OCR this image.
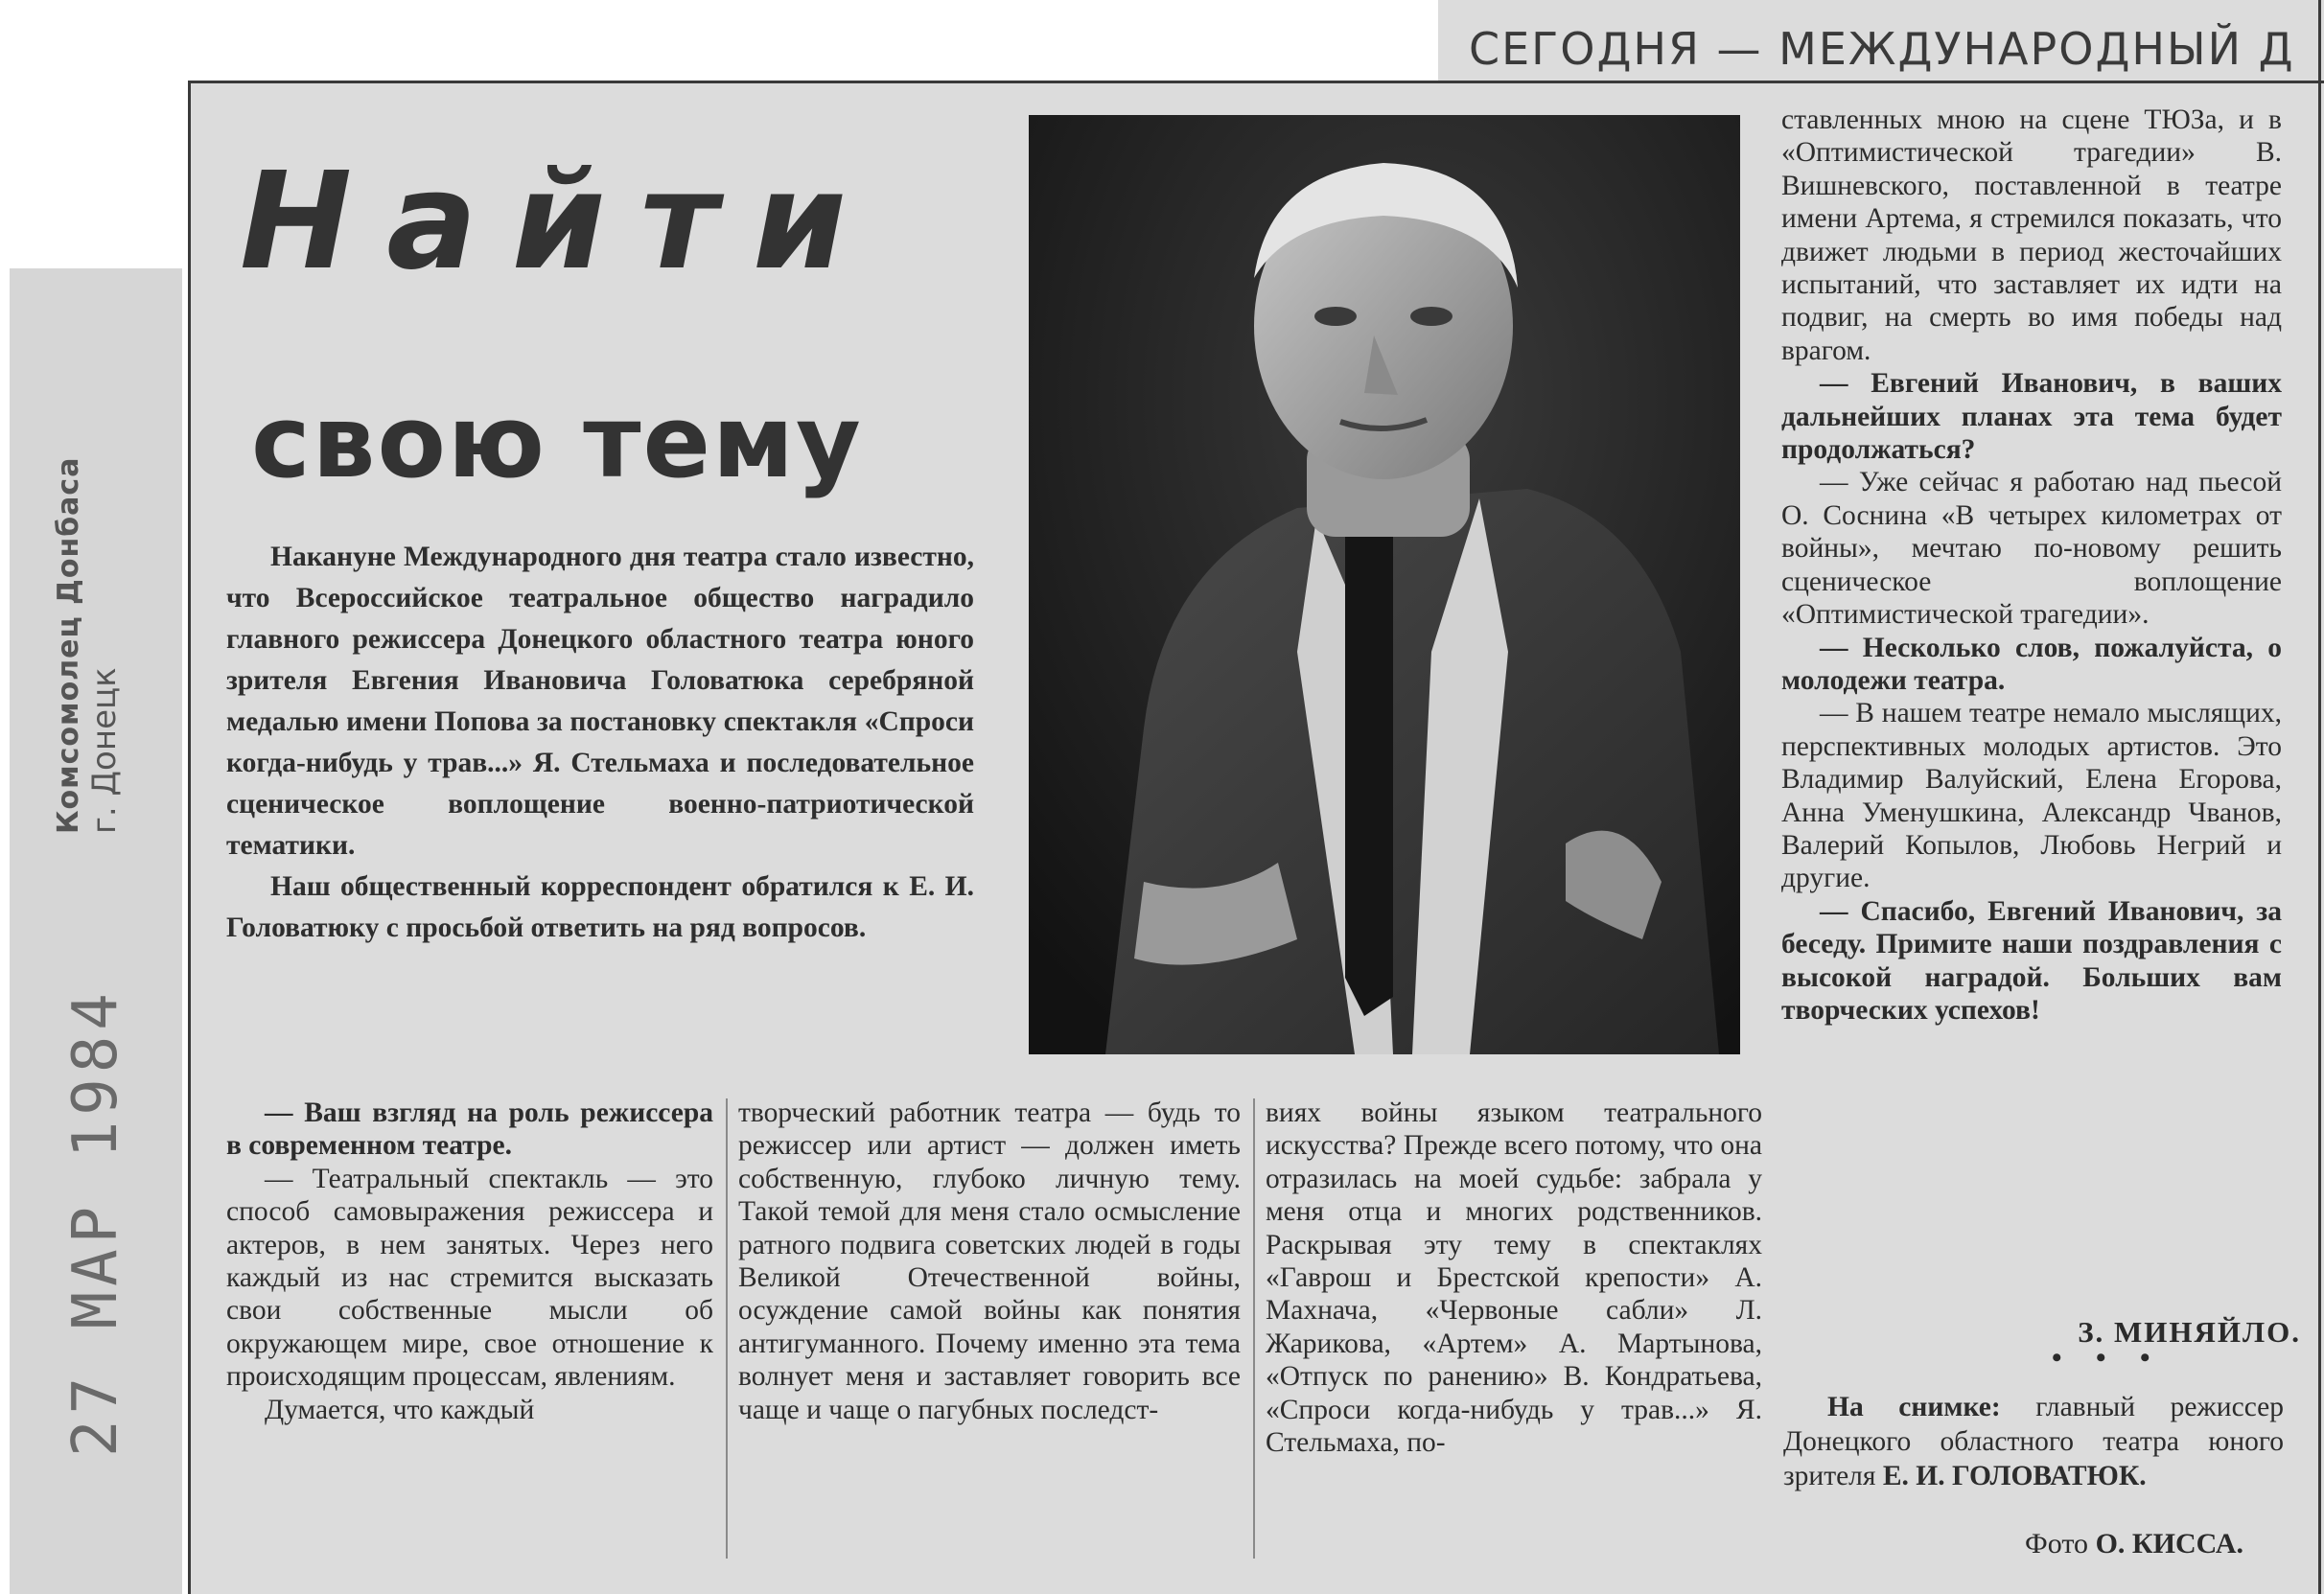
СЕГОДНЯ — МЕЖДУНАРОДНЫЙ Д
Комсомолец Донбаса г. Донецк
27 МАР 1984
Найти
свою тему

Накануне Международного дня театра стало известно, что Всероссийское театральное общество наградило главного режиссера Донецкого областного театра юного зрителя Евгения Ивановича Головатюка серебряной медалью имени Попова за постановку спектакля «Спроси когда-нибудь у трав...» Я. Стельмаха и последовательное сценическое воплощение военно-патриотической тематики.

Наш общественный корреспондент обратился к Е. И. Головатюку с просьбой ответить на ряд вопросов.

— Ваш взгляд на роль режиссера в современном театре.

— Театральный спектакль — это способ самовыражения режиссера и актеров, в нем занятых. Через него каждый из нас стремится высказать свои собственные мысли об окружающем мире, свое отношение к происходящим процессам, явлениям.

Думается, что каждый

творческий работник театра — будь то режиссер или артист — должен иметь собственную, глубоко личную тему. Такой темой для меня стало осмысление ратного подвига советских людей в годы Великой Отечественной войны, осуждение самой войны как понятия антигуманного. Почему именно эта тема волнует меня и заставляет говорить все чаще и чаще о пагубных последст-
виях войны языком театрального искусства? Прежде всего потому, что она отразилась на моей судьбе: забрала у меня отца и многих родственников. Раскрывая эту тему в спектаклях «Гаврош и Брестской крепости» А. Махнача, «Червоные сабли» Л. Жарикова, «Артем» А. Мартынова, «Отпуск по ранению» В. Кондратьева, «Спроси когда-нибудь у трав...» Я. Стельмаха, по-
ставленных мною на сцене ТЮЗа, и в «Оптимистической трагедии» В. Вишневского, поставленной в театре имени Артема, я стремился показать, что движет людьми в период жесточайших испытаний, что заставляет их идти на подвиг, на смерть во имя победы над врагом.

— Евгений Иванович, в ваших дальнейших планах эта тема будет продолжаться?

— Уже сейчас я работаю над пьесой О. Соснина «В четырех километрах от войны», мечтаю по-новому решить сценическое воплощение «Оптимистической трагедии».

— Несколько слов, пожалуйста, о молодежи театра.

— В нашем театре немало мыслящих, перспективных молодых артистов. Это Владимир Валуйский, Елена Егорова, Анна Уменушкина, Александр Чванов, Валерий Копылов, Любовь Негрий и другие.

— Спасибо, Евгений Иванович, за беседу. Примите наши поздравления с высокой наградой. Больших вам творческих успехов!

З. МИНЯЙЛО.
• • •

На снимке: главный режиссер Донецкого областного театра юного зрителя Е. И. ГОЛОВАТЮК.

Фото О. КИССА.
